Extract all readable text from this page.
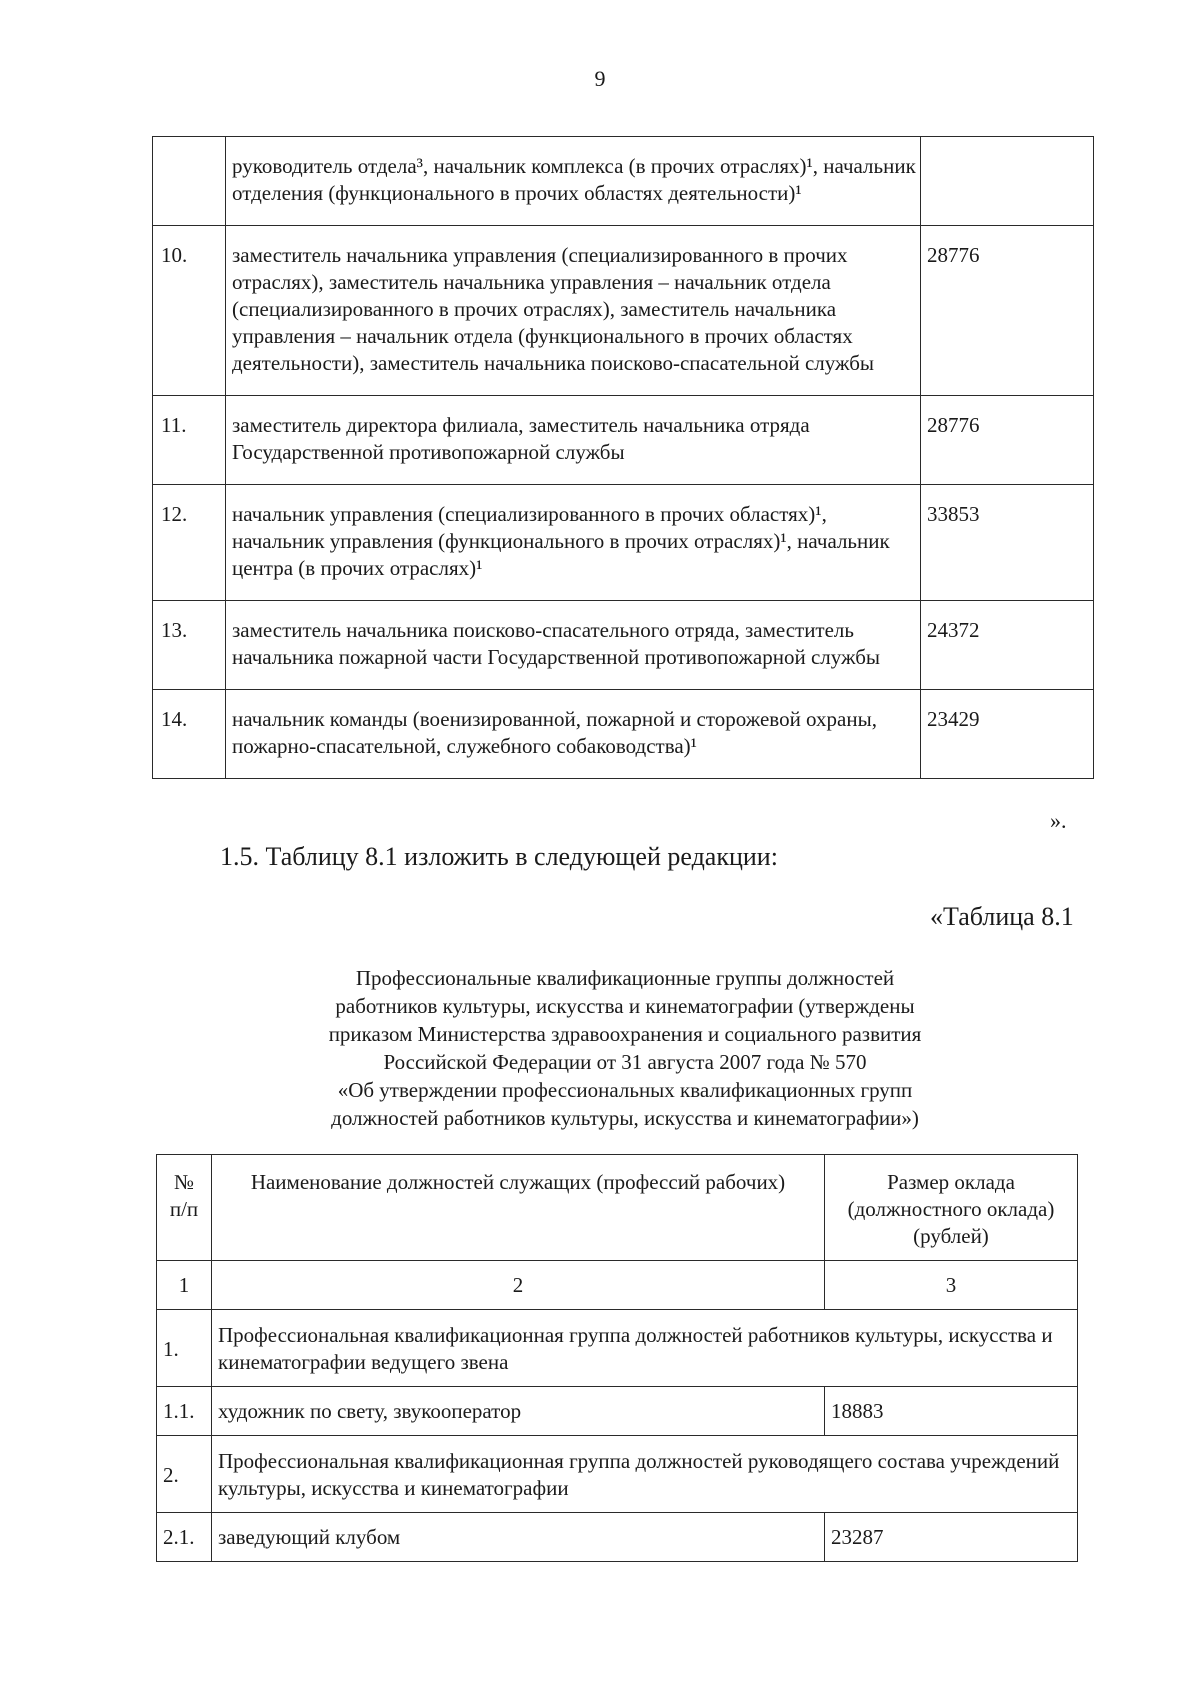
9
	руководитель отдела³, начальник комплекса (в прочих отраслях)¹, начальник отделения (функционального в прочих областях деятельности)¹	
10.	заместитель начальника управления (специализированного в прочих отраслях), заместитель начальника управления – начальник отдела (специализированного в прочих отраслях), заместитель начальника управления – начальник отдела (функционального в прочих областях деятельности), заместитель начальника поисково-спасательной службы	28776
11.	заместитель директора филиала, заместитель начальника отряда Государственной противопожарной службы	28776
12.	начальник управления (специализированного в прочих областях)¹, начальник управления (функционального в прочих отраслях)¹, начальник центра (в прочих отраслях)¹	33853
13.	заместитель начальника поисково-спасательного отряда, заместитель начальника пожарной части Государственной противопожарной службы	24372
14.	начальник команды (военизированной, пожарной и сторожевой охраны, пожарно-спасательной, служебного собаководства)¹	23429
».
1.5. Таблицу 8.1 изложить в следующей редакции:
«Таблица 8.1
Профессиональные квалификационные группы должностей
работников культуры, искусства и кинематографии (утверждены
приказом Министерства здравоохранения и социального развития
Российской Федерации от 31 августа 2007 года № 570
«Об утверждении профессиональных квалификационных групп
должностей работников культуры, искусства и кинематографии»)
№ п/п	Наименование должностей служащих (профессий рабочих)	Размер оклада (должностного оклада) (рублей)
1	2	3
1.	Профессиональная квалификационная группа должностей работников культуры, искусства и кинематографии ведущего звена	
1.1.	художник по свету, звукооператор	18883
2.	Профессиональная квалификационная группа должностей руководящего состава учреждений культуры, искусства и кинематографии	
2.1.	заведующий клубом	23287
